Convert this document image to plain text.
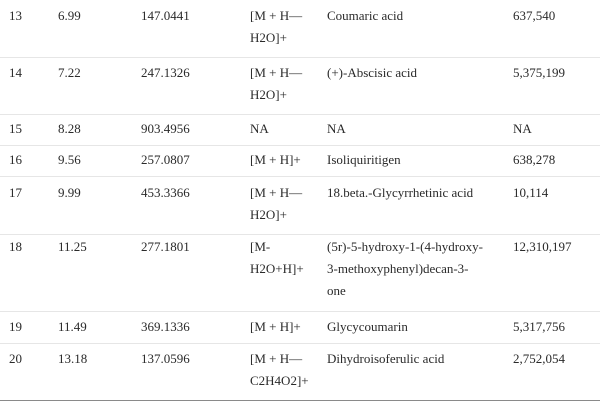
13	6.99	147.0441	[M + H—
H2O]+
Coumaric acid	637,540
14	7.22	247.1326	[M + H—
H2O]+
(+)-Abscisic acid	5,375,199
15	8.28	903.4956	NA	NA	NA
16	9.56	257.0807	[M + H]+	Isoliquiritigen	638,278
17	9.99	453.3366	[M + H—
H2O]+
18.beta.-Glycyrrhetinic acid	10,114
18	11.25	277.1801	[M-
H2O+H]+
(5r)-5-hydroxy-1-(4-hydroxy-
3-methoxyphenyl)decan-3-
one
12,310,197
19	11.49	369.1336	[M + H]+	Glycycoumarin	5,317,756
20	13.18	137.0596	[M + H—
C2H4O2]+
Dihydroisoferulic acid	2,752,054
